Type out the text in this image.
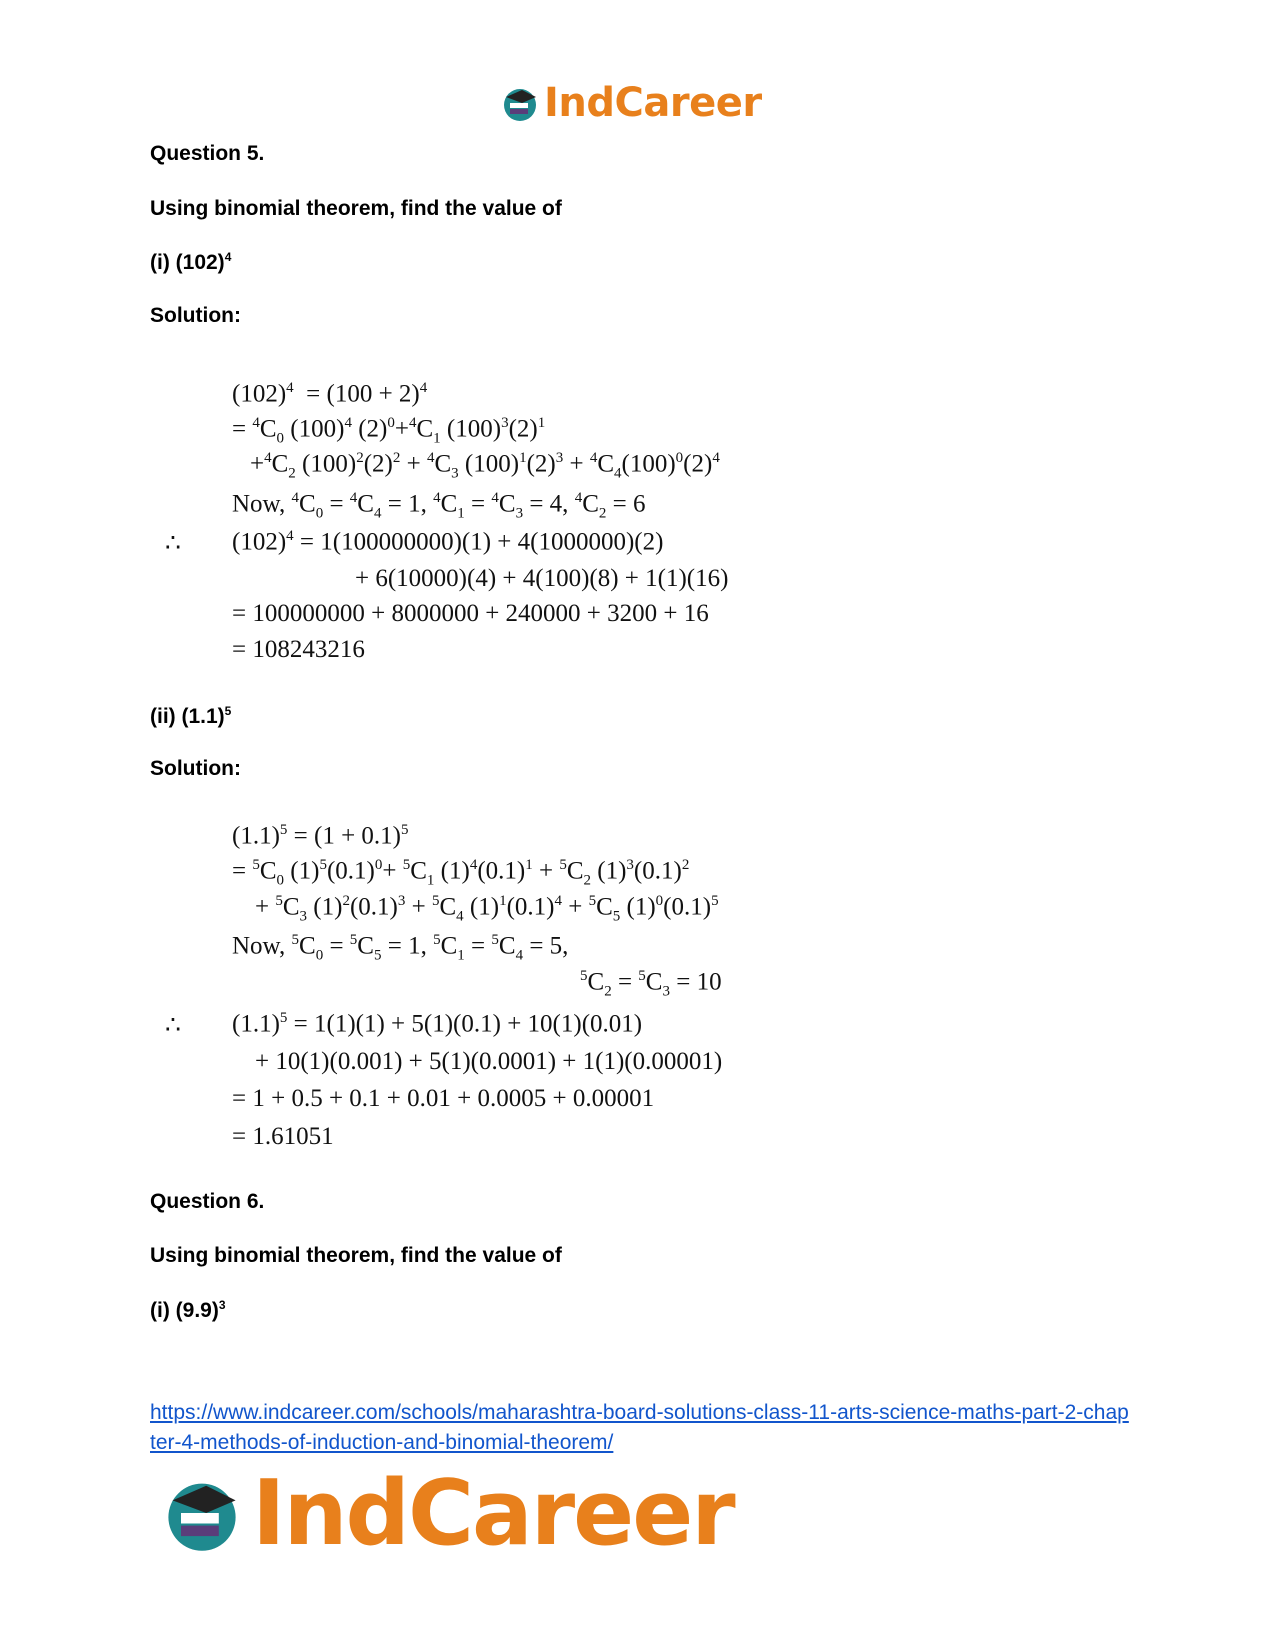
IndCareer
Question 5.
Using binomial theorem, find the value of
(i) $(102)^4$
Solution:
$(102)^4 = (100 + 2)^4$
= $^4C_0$ $(100)^4$ $(2)^0+^4C_1$ $(100)^3(2)^1$
$+^4C_2$ $(100)^2(2)^2 + ^4C_3$ $(100)^1(2)^3 + ^4C_4(100)^0(2)^4$
Now, $^4C_0 = ^4C_4 = 1$, $^4C_1 = ^4C_3 = 4$, $^4C_2 = 6$
∴ $(102)^4 = 1(100000000)(1) + 4(1000000)(2)$
+ 6(10000)(4) + 4(100)(8) + 1(1)(16)
= 100000000 + 8000000 + 240000 + 3200 + 16
= 108243216
(ii) $(1.1)^5$
Solution:
$(1.1)^5 = (1 + 0.1)^5$
= $^5C_0$ $(1)^5(0.1)^0+ ^5C_1$ $(1)^4(0.1)^1 + ^5C_2$ $(1)^3(0.1)^2$
+ $^5C_3$ $(1)^2(0.1)^3 + ^5C_4$ $(1)^1(0.1)^4 + ^5C_5$ $(1)^0(0.1)^5$
Now, $^5C_0 = ^5C_5 = 1$, $^5C_1 = ^5C_4 = 5$,
$^5C_2 = ^5C_3 = 10$
∴ $(1.1)^5 = 1(1)(1) + 5(1)(0.1) + 10(1)(0.01)$
+ 10(1)(0.001) + 5(1)(0.0001) + 1(1)(0.00001)
= 1 + 0.5 + 0.1 + 0.01 + 0.0005 + 0.00001
= 1.61051
Question 6.
Using binomial theorem, find the value of
(i) $(9.9)^3$
https://www.indcareer.com/schools/maharashtra-board-solutions-class-11-arts-science-maths-part-2-chapter-4-methods-of-induction-and-binomial-theorem/
IndCareer
